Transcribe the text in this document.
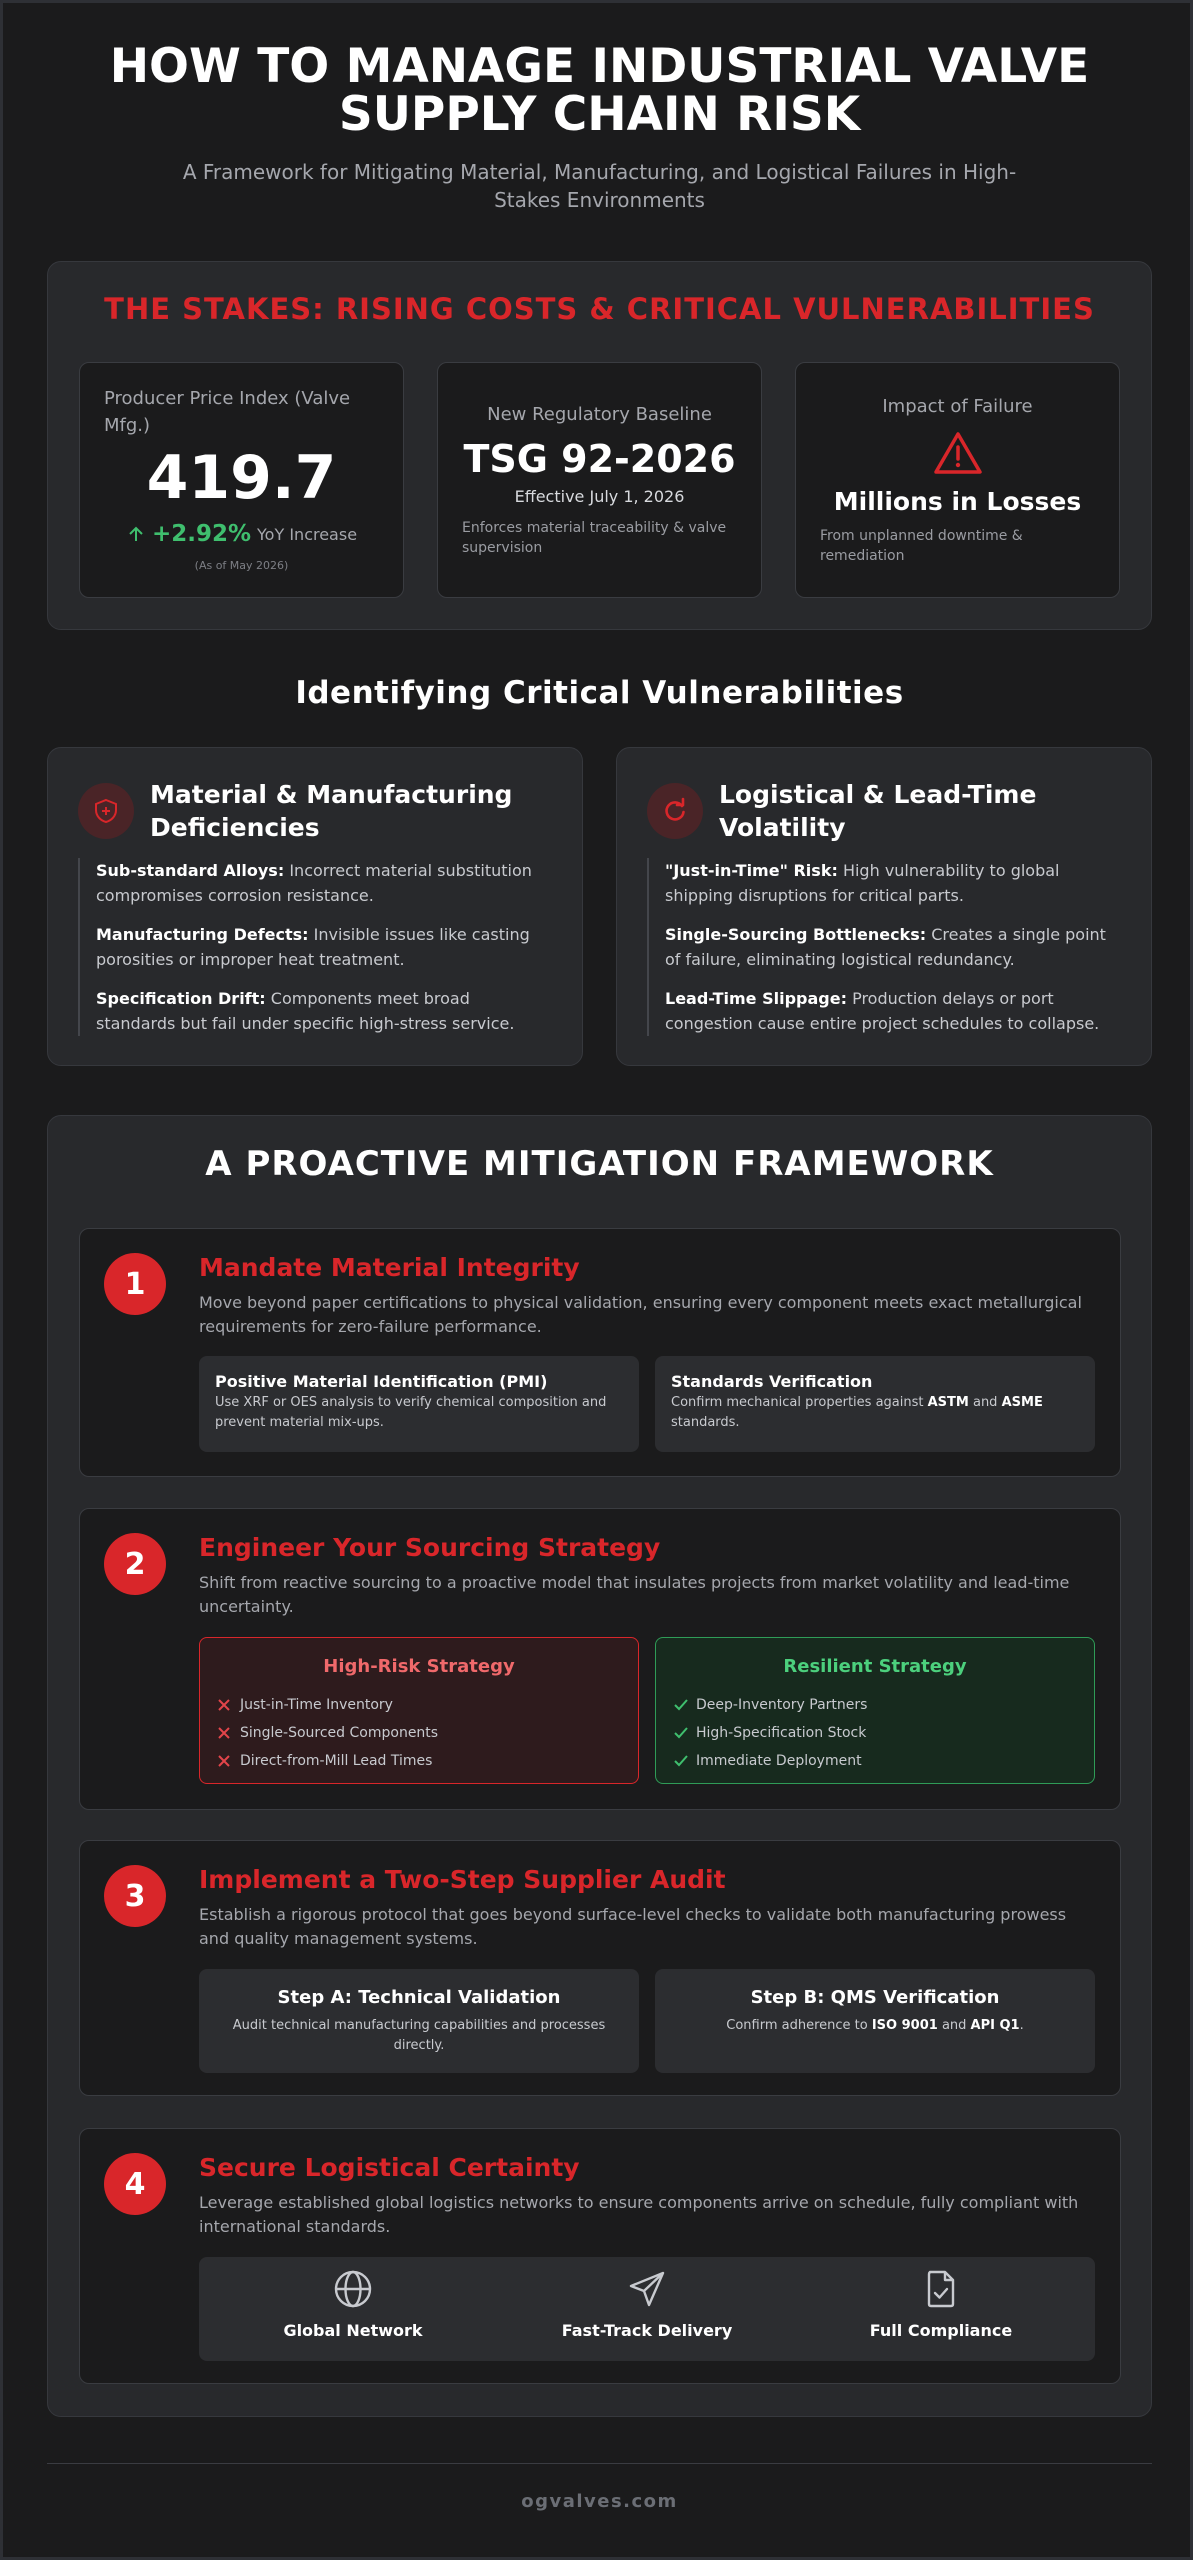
HOW TO MANAGE INDUSTRIAL VALVE SUPPLY CHAIN RISK

A Framework for Mitigating Material, Manufacturing, and Logistical Failures in High-Stakes Environments

THE STAKES: RISING COSTS & CRITICAL VULNERABILITIES
Producer Price Index (Valve Mfg.)
419.7
+2.92% YoY Increase
(As of May 2026)
New Regulatory Baseline
TSG 92-2026
Effective July 1, 2026
Enforces material traceability & valve supervision
Impact of Failure
Millions in Losses
From unplanned downtime & remediation
Identifying Critical Vulnerabilities
Material & Manufacturing Deficiencies

Sub-standard Alloys: Incorrect material substitution compromises corrosion resistance.

Manufacturing Defects: Invisible issues like casting porosities or improper heat treatment.

Specification Drift: Components meet broad standards but fail under specific high-stress service.

Logistical & Lead-Time Volatility

"Just-in-Time" Risk: High vulnerability to global shipping disruptions for critical parts.

Single-Sourcing Bottlenecks: Creates a single point of failure, eliminating logistical redundancy.

Lead-Time Slippage: Production delays or port congestion cause entire project schedules to collapse.

A PROACTIVE MITIGATION FRAMEWORK
1	Mandate Material Integrity
Move beyond paper certifications to physical validation, ensuring every component meets exact metallurgical requirements for zero-failure performance.
Positive Material Identification (PMI)
Use XRF or OES analysis to verify chemical composition and prevent material mix-ups.
Standards Verification
Confirm mechanical properties against ASTM and ASME standards.
2	Engineer Your Sourcing Strategy
Shift from reactive sourcing to a proactive model that insulates projects from market volatility and lead-time uncertainty.
High-Risk Strategy
Just-in-Time Inventory
Single-Sourced Components
Direct-from-Mill Lead Times
Resilient Strategy
Deep-Inventory Partners
High-Specification Stock
Immediate Deployment
3	Implement a Two-Step Supplier Audit
Establish a rigorous protocol that goes beyond surface-level checks to validate both manufacturing prowess and quality management systems.
Step A: Technical Validation
Audit technical manufacturing capabilities and processes directly.
Step B: QMS Verification
Confirm adherence to ISO 9001 and API Q1.
4	Secure Logistical Certainty
Leverage established global logistics networks to ensure components arrive on schedule, fully compliant with international standards.
Global Network	Fast-Track Delivery	Full Compliance
ogvalves.com
